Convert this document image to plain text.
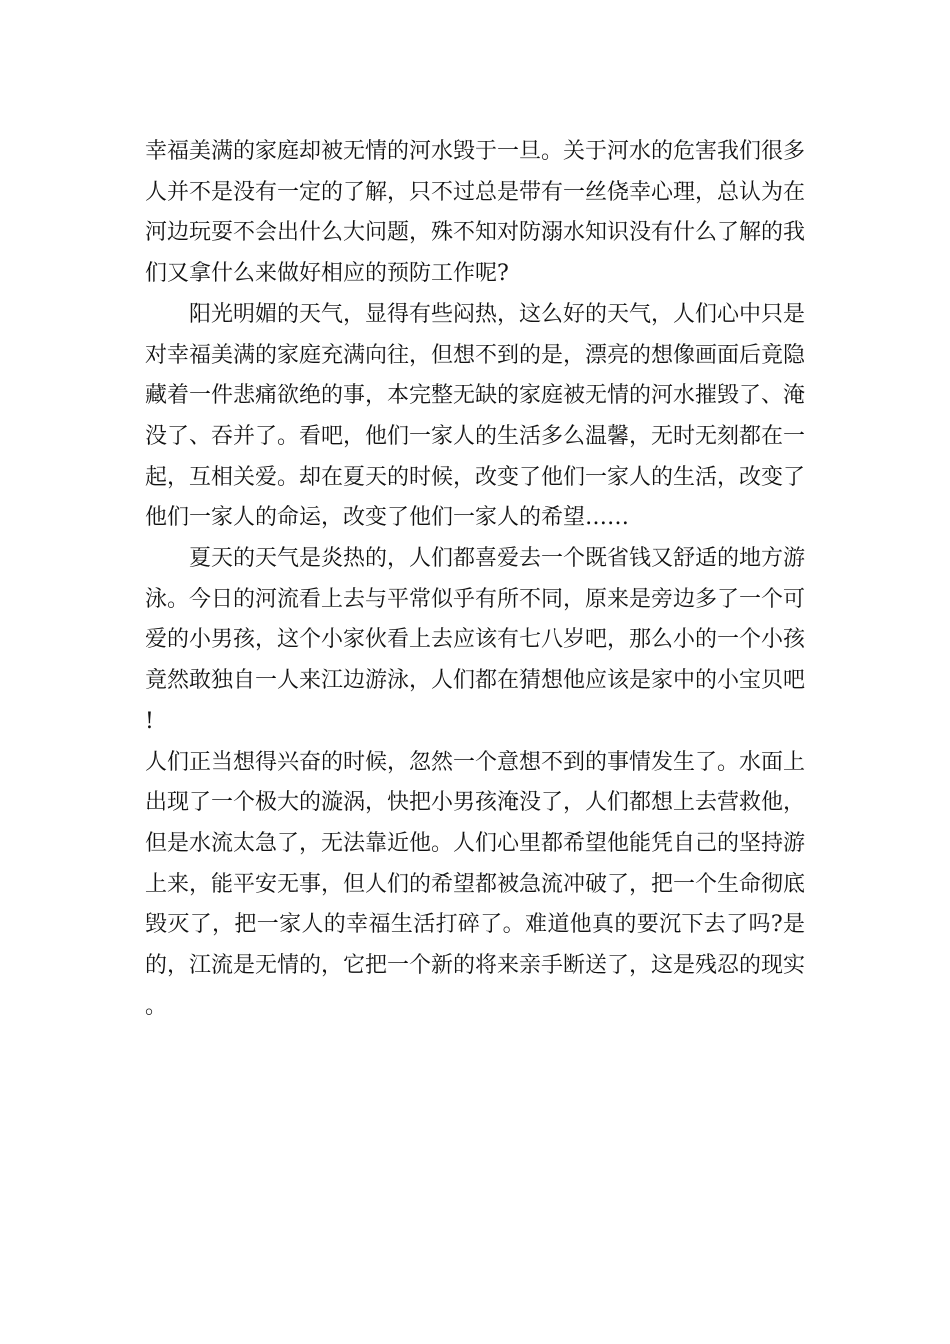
幸福美满的家庭却被无情的河水毁于一旦。关于河水的危害我们很多人并不是没有一定的了解，只不过总是带有一丝侥幸心理，总认为在河边玩耍不会出什么大问题，殊不知对防溺水知识没有什么了解的我们又拿什么来做好相应的预防工作呢?

阳光明媚的天气，显得有些闷热，这么好的天气，人们心中只是对幸福美满的家庭充满向往，但想不到的是，漂亮的想像画面后竟隐藏着一件悲痛欲绝的事，本完整无缺的家庭被无情的河水摧毁了、淹没了、吞并了。看吧，他们一家人的生活多么温馨，无时无刻都在一起，互相关爱。却在夏天的时候，改变了他们一家人的生活，改变了他们一家人的命运，改变了他们一家人的希望……

夏天的天气是炎热的，人们都喜爱去一个既省钱又舒适的地方游泳。今日的河流看上去与平常似乎有所不同，原来是旁边多了一个可爱的小男孩，这个小家伙看上去应该有七八岁吧，那么小的一个小孩竟然敢独自一人来江边游泳，人们都在猜想他应该是家中的小宝贝吧!

人们正当想得兴奋的时候，忽然一个意想不到的事情发生了。水面上出现了一个极大的漩涡，快把小男孩淹没了，人们都想上去营救他，但是水流太急了，无法靠近他。人们心里都希望他能凭自己的坚持游上来，能平安无事，但人们的希望都被急流冲破了，把一个生命彻底毁灭了，把一家人的幸福生活打碎了。难道他真的要沉下去了吗?是的，江流是无情的，它把一个新的将来亲手断送了，这是残忍的现实。
